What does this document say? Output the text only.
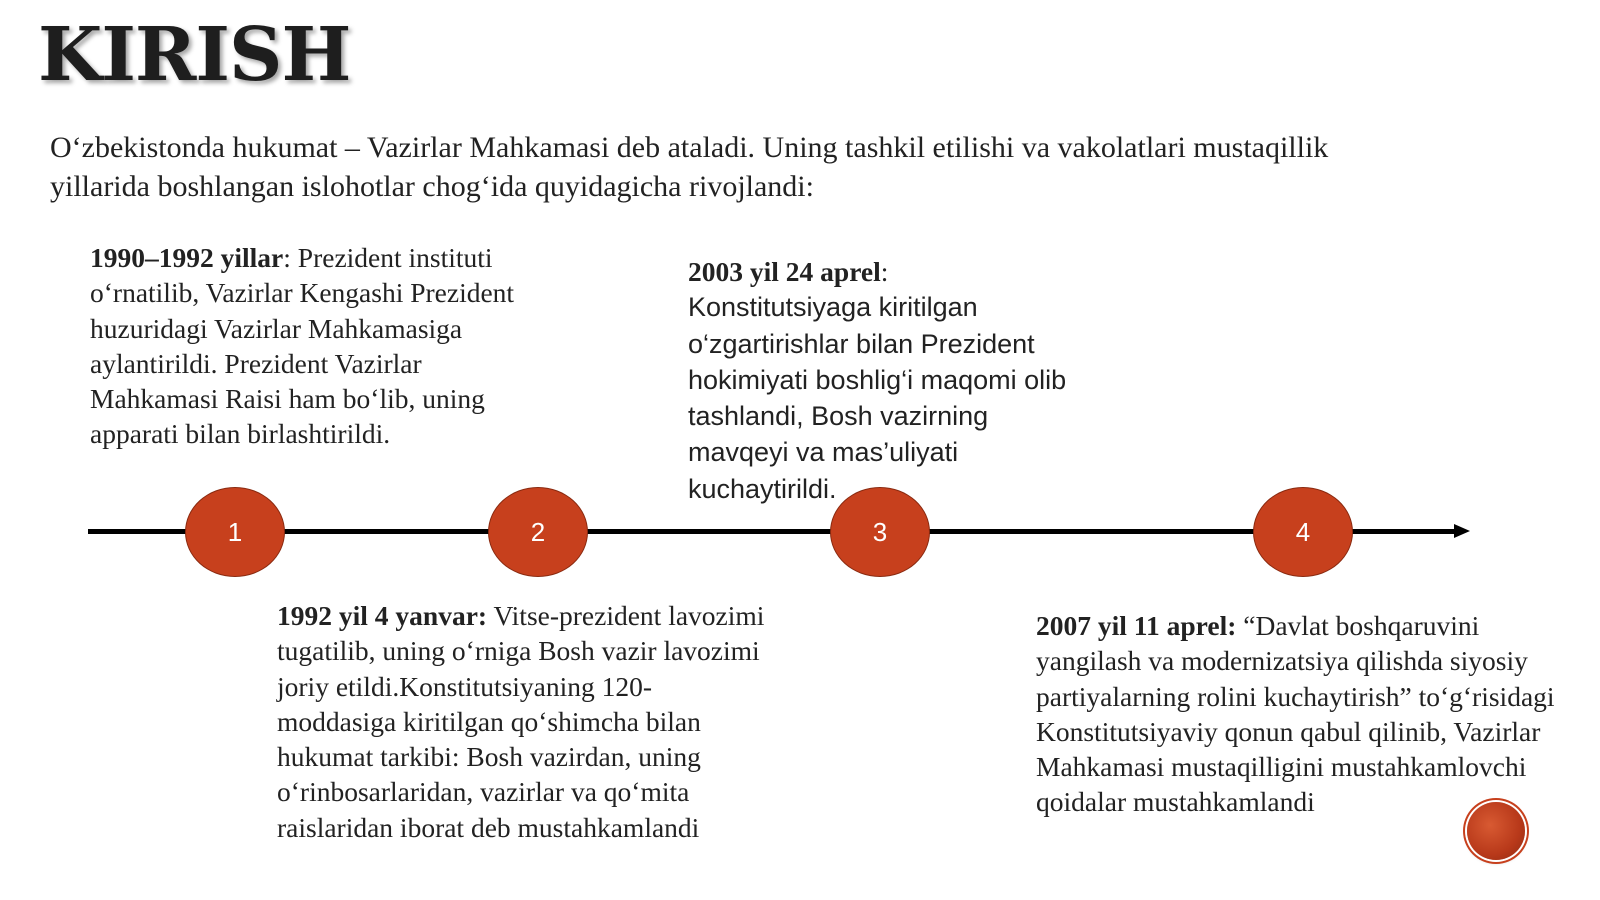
KIRISH
O‘zbekistonda hukumat – Vazirlar Mahkamasi deb ataladi. Uning tashkil etilishi va vakolatlari mustaqillik yillarida boshlangan islohotlar chog‘ida quyidagicha rivojlandi:
1990–1992 yillar: Prezident instituti o‘rnatilib, Vazirlar Kengashi Prezident huzuridagi Vazirlar Mahkamasiga aylantirildi. Prezident Vazirlar Mahkamasi Raisi ham bo‘lib, uning apparati bilan birlashtirildi.
1992 yil 4 yanvar: Vitse-prezident lavozimi tugatilib, uning o‘rniga Bosh vazir lavozimi joriy etildi.Konstitutsiyaning 120-moddasiga kiritilgan qo‘shimcha bilan hukumat tarkibi: Bosh vazirdan, uning o‘rinbosarlaridan, vazirlar va qo‘mita raislaridan iborat deb mustahkamlandi
2003 yil 24 aprel:
Konstitutsiyaga kiritilgan o‘zgartirishlar bilan Prezident hokimiyati boshlig‘i maqomi olib tashlandi, Bosh vazirning mavqeyi va mas’uliyati kuchaytirildi.
2007 yil 11 aprel: “Davlat boshqaruvini yangilash va modernizatsiya qilishda siyosiy partiyalarning rolini kuchaytirish” to‘g‘risidagi Konstitutsiyaviy qonun qabul qilinib, Vazirlar Mahkamasi mustaqilligini mustahkamlovchi qoidalar mustahkamlandi
1	2	3	4
